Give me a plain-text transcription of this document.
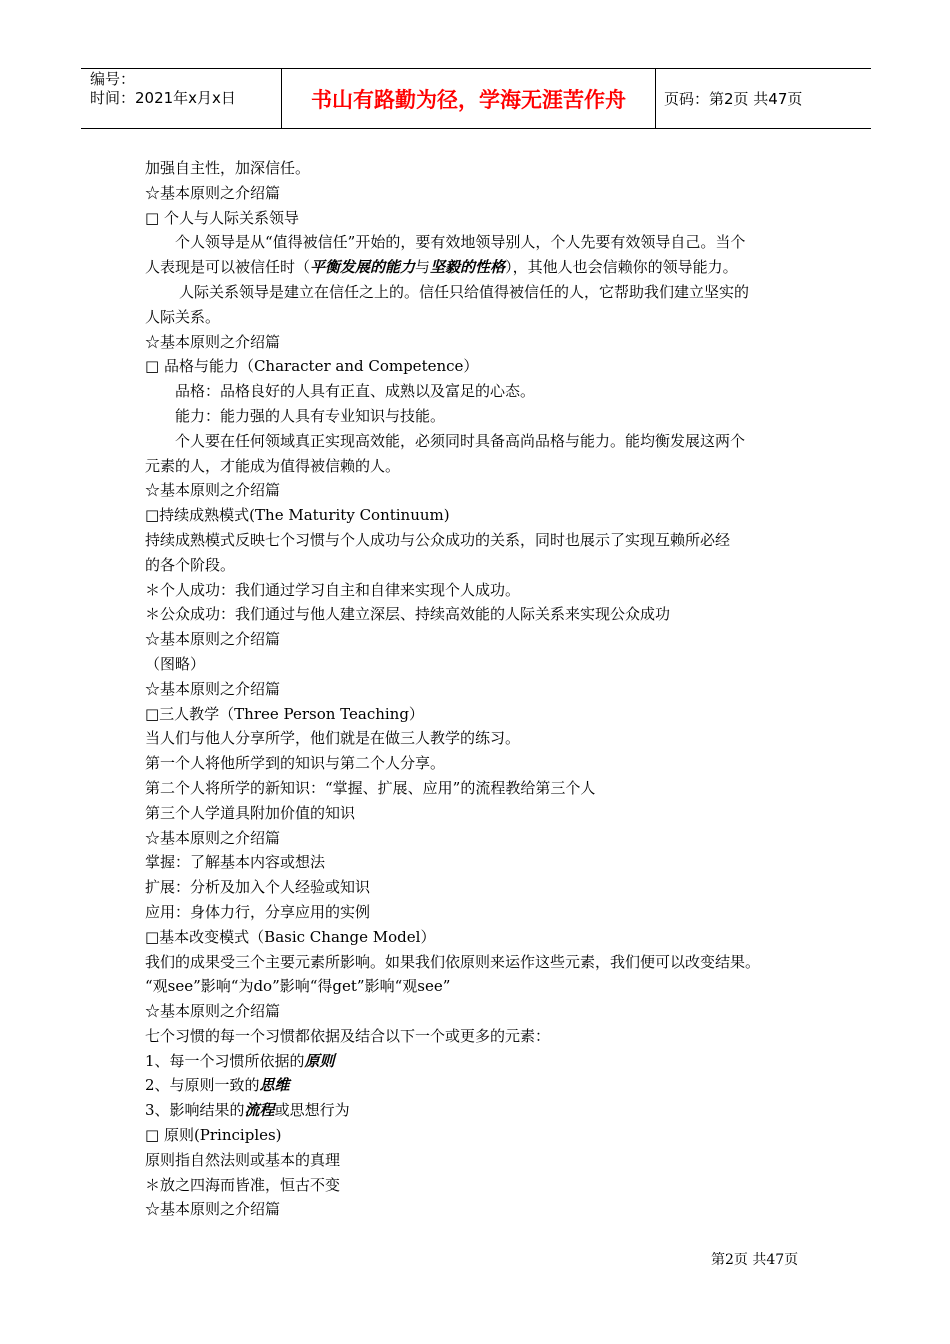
编号：
时间：2021年x月x日	书山有路勤为径，学海无涯苦作舟	页码：第2页 共47页
加强自主性，加深信任。
☆基本原则之介绍篇
□ 个人与人际关系领导
个人领导是从“值得被信任”开始的，要有效地领导别人，个人先要有效领导自己。当个
人表现是可以被信任时（平衡发展的能力与坚毅的性格），其他人也会信赖你的领导能力。
人际关系领导是建立在信任之上的。信任只给值得被信任的人，它帮助我们建立坚实的
人际关系。
☆基本原则之介绍篇
□ 品格与能力（Character and Competence）
品格：品格良好的人具有正直、成熟以及富足的心态。
能力：能力强的人具有专业知识与技能。
个人要在任何领域真正实现高效能，必须同时具备高尚品格与能力。能均衡发展这两个
元素的人，才能成为值得被信赖的人。
☆基本原则之介绍篇
□持续成熟模式(The Maturity Continuum)
持续成熟模式反映七个习惯与个人成功与公众成功的关系，同时也展示了实现互赖所必经
的各个阶段。
＊个人成功：我们通过学习自主和自律来实现个人成功。
＊公众成功：我们通过与他人建立深层、持续高效能的人际关系来实现公众成功
☆基本原则之介绍篇
（图略）
☆基本原则之介绍篇
□三人教学（Three Person Teaching）
当人们与他人分享所学，他们就是在做三人教学的练习。
第一个人将他所学到的知识与第二个人分享。
第二个人将所学的新知识：“掌握、扩展、应用”的流程教给第三个人
第三个人学道具附加价值的知识
☆基本原则之介绍篇
掌握：了解基本内容或想法
扩展：分析及加入个人经验或知识
应用：身体力行，分享应用的实例
□基本改变模式（Basic Change Model）
我们的成果受三个主要元素所影响。如果我们依原则来运作这些元素，我们便可以改变结果。
“观see”影响“为do”影响“得get”影响“观see”
☆基本原则之介绍篇
七个习惯的每一个习惯都依据及结合以下一个或更多的元素：
1、每一个习惯所依据的原则
2、与原则一致的思维
3、影响结果的流程或思想行为
□ 原则(Principles)
原则指自然法则或基本的真理
＊放之四海而皆准，恒古不变
☆基本原则之介绍篇
第2页 共47页
